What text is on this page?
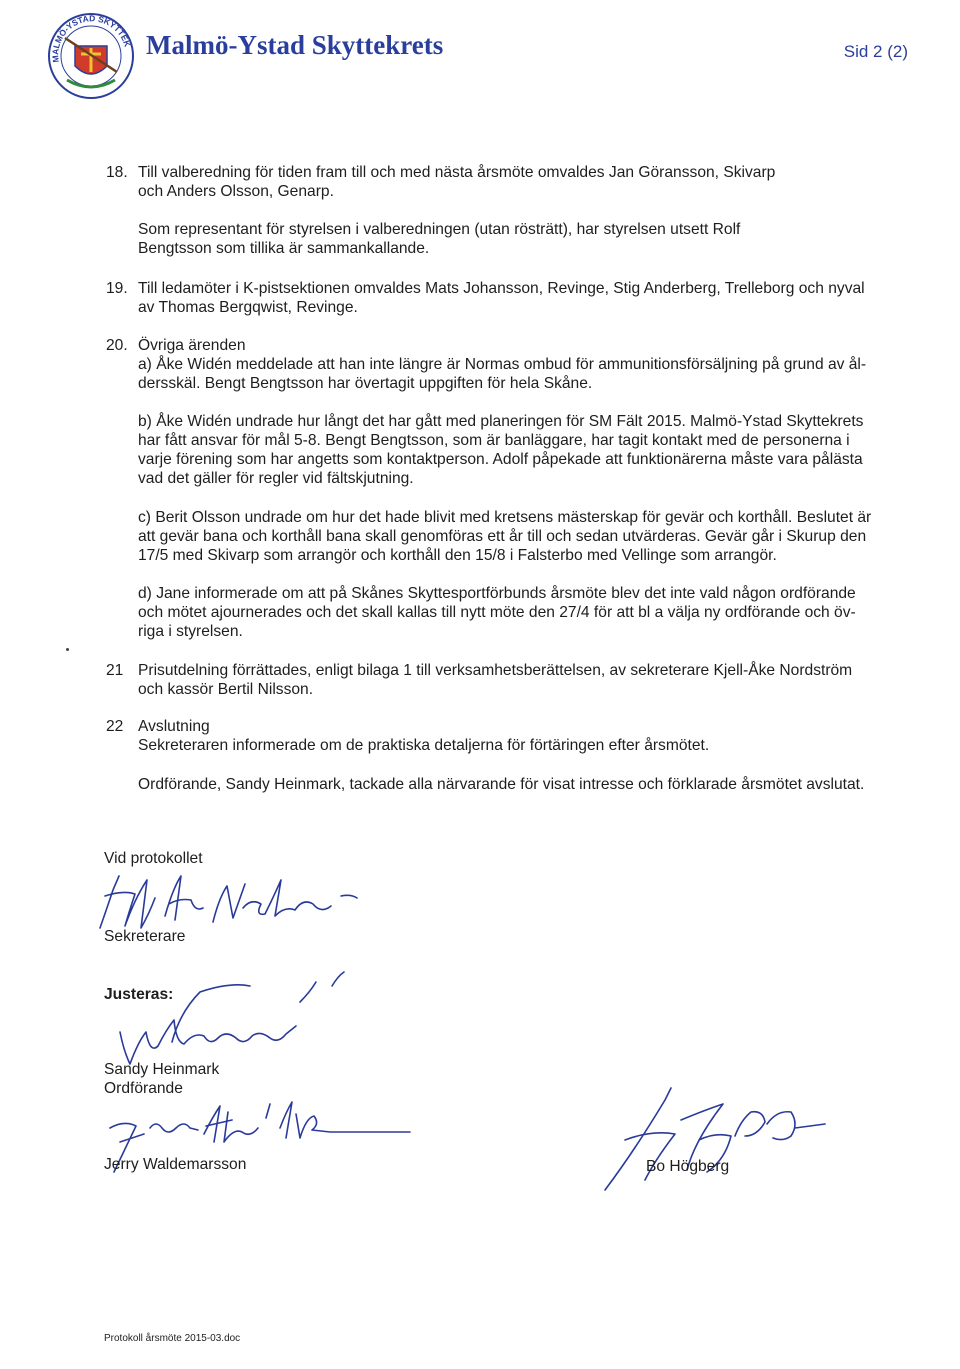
MALMÖ-YSTAD SKYTTEK Malmö-Ystad Skyttekrets	Sid 2 (2)
18. Till valberedning för tiden fram till och med nästa årsmöte omvaldes Jan Göransson, Skivarp
och Anders Olsson, Genarp.
Som representant för styrelsen i valberedningen (utan rösträtt), har styrelsen utsett Rolf
Bengtsson som tillika är sammankallande.
19. Till ledamöter i K-pistsektionen omvaldes Mats Johansson, Revinge, Stig Anderberg, Trelleborg och nyval
av Thomas Bergqwist, Revinge.
20. Övriga ärenden
a) Åke Widén meddelade att han inte längre är Normas ombud för ammunitionsförsäljning på grund av ål-
dersskäl. Bengt Bengtsson har övertagit uppgiften för hela Skåne.
b) Åke Widén undrade hur långt det har gått med planeringen för SM Fält 2015. Malmö-Ystad Skyttekrets
har fått ansvar för mål 5-8. Bengt Bengtsson, som är banläggare, har tagit kontakt med de personerna i
varje förening som har angetts som kontaktperson. Adolf påpekade att funktionärerna måste vara pålästa
vad det gäller för regler vid fältskjutning.
c) Berit Olsson undrade om hur det hade blivit med kretsens mästerskap för gevär och korthåll. Beslutet är
att gevär bana och korthåll bana skall genomföras ett år till och sedan utvärderas. Gevär går i Skurup den
17/5 med Skivarp som arrangör och korthåll den 15/8 i Falsterbo med Vellinge som arrangör.
d) Jane informerade om att på Skånes Skyttesportförbunds årsmöte blev det inte vald någon ordförande
och mötet ajournerades och det skall kallas till nytt möte den 27/4 för att bl a välja ny ordförande och öv-
riga i styrelsen.
21 Prisutdelning förrättades, enligt bilaga 1 till verksamhetsberättelsen, av sekreterare Kjell-Åke Nordström
och kassör Bertil Nilsson.
22 Avslutning
Sekreteraren informerade om de praktiska detaljerna för förtäringen efter årsmötet.
Ordförande, Sandy Heinmark, tackade alla närvarande för visat intresse och förklarade årsmötet avslutat.
Vid protokollet
Sekreterare
Justeras:
Sandy Heinmark
Ordförande
Jerry Waldemarsson	Bo Högberg
Protokoll årsmöte 2015-03.doc
